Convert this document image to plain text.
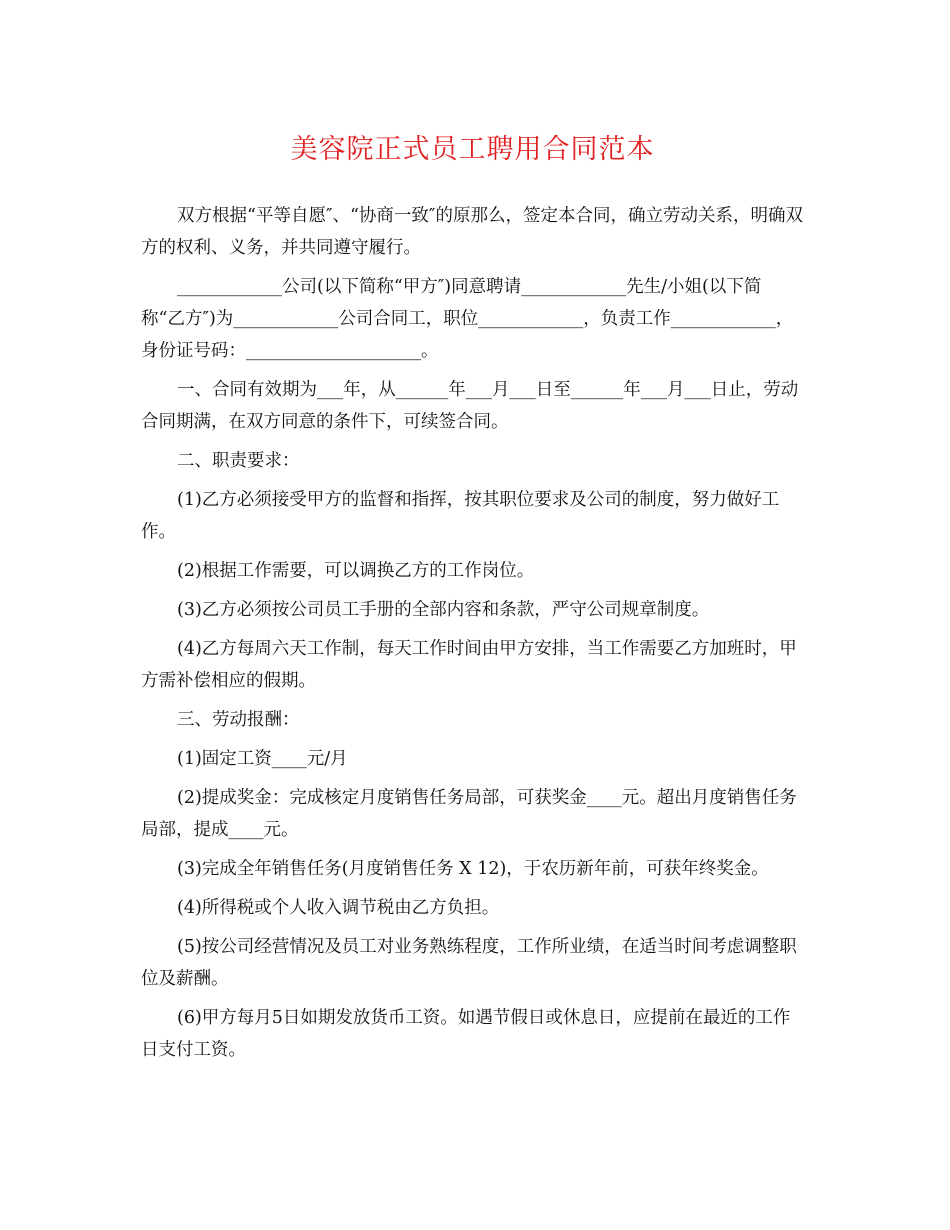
美容院正式员工聘用合同范本

双方根据“平等自愿″、“协商一致″的原那么，签定本合同，确立劳动关系，明确双方的权利、义务，并共同遵守履行。

____________公司(以下简称“甲方″)同意聘请____________先生/小姐(以下简称“乙方″)为____________公司合同工，职位____________，负责工作____________，身份证号码：____________________。

一、合同有效期为___年，从______年___月___日至______年___月___日止，劳动合同期满，在双方同意的条件下，可续签合同。

二、职责要求：

(1)乙方必须接受甲方的监督和指挥，按其职位要求及公司的制度，努力做好工作。

(2)根据工作需要，可以调换乙方的工作岗位。

(3)乙方必须按公司员工手册的全部内容和条款，严守公司规章制度。

(4)乙方每周六天工作制，每天工作时间由甲方安排，当工作需要乙方加班时，甲方需补偿相应的假期。

三、劳动报酬：

(1)固定工资____元/月

(2)提成奖金：完成核定月度销售任务局部，可获奖金____元。超出月度销售任务局部，提成____元。

(3)完成全年销售任务(月度销售任务 X 12)，于农历新年前，可获年终奖金。

(4)所得税或个人收入调节税由乙方负担。

(5)按公司经营情况及员工对业务熟练程度，工作所业绩，在适当时间考虑调整职位及薪酬。

(6)甲方每月5日如期发放货币工资。如遇节假日或休息日，应提前在最近的工作日支付工资。
